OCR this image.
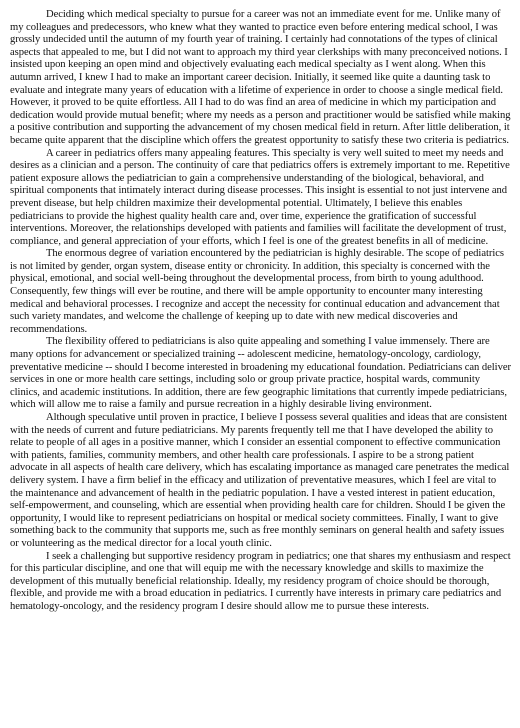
Deciding which medical specialty to pursue for a career was not an immediate event for me. Unlike many of my colleagues and predecessors, who knew what they wanted to practice even before entering medical school, I was grossly undecided until the autumn of my fourth year of training. I certainly had connotations of the types of clinical aspects that appealed to me, but I did not want to approach my third year clerkships with many preconceived notions. I insisted upon keeping an open mind and objectively evaluating each medical specialty as I went along. When this autumn arrived, I knew I had to make an important career decision. Initially, it seemed like quite a daunting task to evaluate and integrate many years of education with a lifetime of experience in order to choose a single medical field. However, it proved to be quite effortless. All I had to do was find an area of medicine in which my participation and dedication would provide mutual benefit; where my needs as a person and practitioner would be satisfied while making a positive contribution and supporting the advancement of my chosen medical field in return. After little deliberation, it became quite apparent that the discipline which offers the greatest opportunity to satisfy these two criteria is pediatrics.

A career in pediatrics offers many appealing features. This specialty is very well suited to meet my needs and desires as a clinician and a person. The continuity of care that pediatrics offers is extremely important to me. Repetitive patient exposure allows the pediatrician to gain a comprehensive understanding of the biological, behavioral, and spiritual components that intimately interact during disease processes. This insight is essential to not just intervene and prevent disease, but help children maximize their developmental potential. Ultimately, I believe this enables pediatricians to provide the highest quality health care and, over time, experience the gratification of successful interventions. Moreover, the relationships developed with patients and families will facilitate the development of trust, compliance, and general appreciation of your efforts, which I feel is one of the greatest benefits in all of medicine.

The enormous degree of variation encountered by the pediatrician is highly desirable. The scope of pediatrics is not limited by gender, organ system, disease entity or chronicity. In addition, this specialty is concerned with the physical, emotional, and social well-being throughout the developmental process, from birth to young adulthood. Consequently, few things will ever be routine, and there will be ample opportunity to encounter many interesting medical and behavioral processes. I recognize and accept the necessity for continual education and advancement that such variety mandates, and welcome the challenge of keeping up to date with new medical discoveries and recommendations.

The flexibility offered to pediatricians is also quite appealing and something I value immensely. There are many options for advancement or specialized training -- adolescent medicine, hematology-oncology, cardiology, preventative medicine -- should I become interested in broadening my educational foundation. Pediatricians can deliver services in one or more health care settings, including solo or group private practice, hospital wards, community clinics, and academic institutions. In addition, there are few geographic limitations that currently impede pediatricians, which will allow me to raise a family and pursue recreation in a highly desirable living environment.

Although speculative until proven in practice, I believe I possess several qualities and ideas that are consistent with the needs of current and future pediatricians. My parents frequently tell me that I have developed the ability to relate to people of all ages in a positive manner, which I consider an essential component to effective communication with patients, families, community members, and other health care professionals. I aspire to be a strong patient advocate in all aspects of health care delivery, which has escalating importance as managed care penetrates the medical delivery system. I have a firm belief in the efficacy and utilization of preventative measures, which I feel are vital to the maintenance and advancement of health in the pediatric population. I have a vested interest in patient education, self-empowerment, and counseling, which are essential when providing health care for children. Should I be given the opportunity, I would like to represent pediatricians on hospital or medical society committees. Finally, I want to give something back to the community that supports me, such as free monthly seminars on general health and safety issues or volunteering as the medical director for a local youth clinic.

I seek a challenging but supportive residency program in pediatrics; one that shares my enthusiasm and respect for this particular discipline, and one that will equip me with the necessary knowledge and skills to maximize the development of this mutually beneficial relationship. Ideally, my residency program of choice should be thorough, flexible, and provide me with a broad education in pediatrics. I currently have interests in primary care pediatrics and hematology-oncology, and the residency program I desire should allow me to pursue these interests.
